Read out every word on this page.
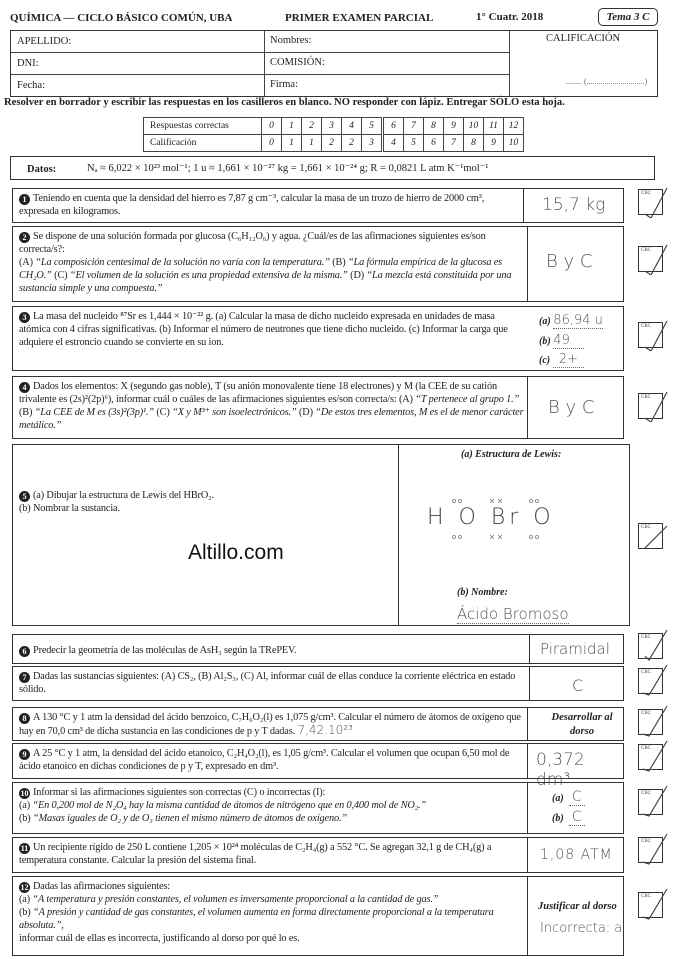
QUÍMICA — CICLO BÁSICO COMÚN, UBA	PRIMER EXAMEN PARCIAL	1° Cuatr. 2018	Tema 3 C
APELLIDO:	Nombres:
DNI:	COMISIÓN:
Fecha:	Firma:
CALIFICACIÓN
........ (.............................)
Resolver en borrador y escribir las respuestas en los casilleros en blanco. NO responder con lápiz. Entregar SÓLO esta hoja.
Respuestas correctas	0	1	2	3	4	5	6	7	8	9	10	11	12
Calificación	0	1	1	2	2	3	4	5	6	7	8	9	10
Datos:	Nₐ ≈ 6,022 × 10²³ mol⁻¹; 1 u ≈ 1,661 × 10⁻²⁷ kg = 1,661 × 10⁻²⁴ g; R = 0,0821 L atm K⁻¹mol⁻¹
1 Teniendo en cuenta que la densidad del hierro es 7,87 g cm⁻³, calcular la masa de un trozo de hierro de 2000 cm³, expresada en kilogramos.	15,7 kg
CBC
2 Se dispone de una solución formada por glucosa (C₆H₁₂O₆) y agua. ¿Cuál/es de las afirmaciones siguientes es/son correcta/s?:
(A) “La composición centesimal de la solución no varía con la temperatura.” (B) “La fórmula empírica de la glucosa es CH₂O.” (C) “El volumen de la solución es una propiedad extensiva de la misma.” (D) “La mezcla está constituida por una sustancia simple y una compuesta.”
B y C
CBC
3 La masa del nucleido ⁸⁷Sr es 1,444 × 10⁻²² g. (a) Calcular la masa de dicho nucleido expresada en unidades de masa atómica con 4 cifras significativas. (b) Informar el número de neutrones que tiene dicho nucleido. (c) Informar la carga que adquiere el estroncio cuando se convierte en su ion.
(a) 86,94 u
(b) 49
(c) 2+
CBC
4 Dados los elementos: X (segundo gas noble), T (su anión monovalente tiene 18 electrones) y M (la CEE de su catión trivalente es (2s)²(2p)⁶), informar cuál o cuáles de las afirmaciones siguientes es/son correcta/s: (A) “T pertenece al grupo 1.” (B) “La CEE de M es (3s)²(3p)¹.” (C) “X y M³⁺ son isoelectrónicos.” (D) “De estos tres elementos, M es el de menor carácter metálico.”
B y C	CBC
5 (a) Dibujar la estructura de Lewis del HBrO₂.
(b) Nombrar la sustancia.
Altillo.com
(a) Estructura de Lewis:
H O Br O
(b) Nombre:
Ácido Bromoso
CBC
6 Predecir la geometría de las moléculas de AsH₃ según la TRePEV.	Piramidal
CBC
7 Dadas las sustancias siguientes: (A) CS₂, (B) Al₂S₃, (C) Al, informar cuál de ellas conduce la corriente eléctrica en estado sólido.	C
CBC
8 A 130 °C y 1 atm la densidad del ácido benzoico, C₇H₆O₂(l) es 1,075 g/cm³. Calcular el número de átomos de oxígeno que hay en 70,0 cm³ de dicha sustancia en las condiciones de p y T dadas. 7,42.10²³
Desarrollar al dorso
CBC
9 A 25 °C y 1 atm, la densidad del ácido etanoico, C₂H₄O₂(l), es 1,05 g/cm³. Calcular el volumen que ocupan 6,50 mol de ácido etanoico en dichas condiciones de p y T, expresado en dm³.	0,372 dm³
CBC
10 Informar si las afirmaciones siguientes son correctas (C) o incorrectas (I):
(a) “En 0,200 mol de N₂O₄ hay la misma cantidad de átomos de nitrógeno que en 0,400 mol de NO₂.”
(b) “Masas iguales de O₂ y de O₃ tienen el mismo número de átomos de oxígeno.”
(a) C
(b) C
CBC
11 Un recipiente rígido de 250 L contiene 1,205 × 10²⁴ moléculas de C₂H₄(g) a 552 °C. Se agregan 32,1 g de CH₄(g) a temperatura constante. Calcular la presión del sistema final.	1,08 ATM
CBC
12 Dadas las afirmaciones siguientes:
(a) “A temperatura y presión constantes, el volumen es inversamente proporcional a la cantidad de gas.”
(b) “A presión y cantidad de gas constantes, el volumen aumenta en forma directamente proporcional a la temperatura absoluta.”,
informar cuál de ellas es incorrecta, justificando al dorso por qué lo es.
Justificar al dorso
Incorrecta: a
CBC
